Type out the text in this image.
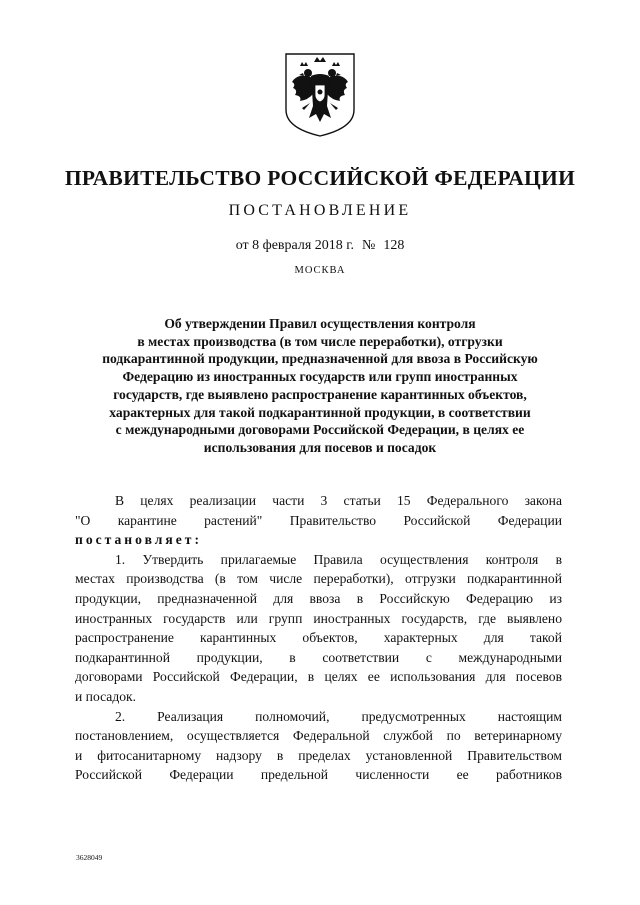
ПРАВИТЕЛЬСТВО РОССИЙСКОЙ ФЕДЕРАЦИИ
ПОСТАНОВЛЕНИЕ
от 8 февраля 2018 г. № 128
МОСКВА
Об утверждении Правил осуществления контроля
в местах производства (в том числе переработки), отгрузки
подкарантинной продукции, предназначенной для ввоза в Российскую
Федерацию из иностранных государств или групп иностранных
государств, где выявлено распространение карантинных объектов,
характерных для такой подкарантинной продукции, в соответствии
с международными договорами Российской Федерации, в целях ее
использования для посевов и посадок
В целях реализации части 3 статьи 15 Федерального закона
"О карантине растений" Правительство Российской Федерации
постановляет:
1. Утвердить прилагаемые Правила осуществления контроля в
местах производства (в том числе переработки), отгрузки подкарантинной
продукции, предназначенной для ввоза в Российскую Федерацию из
иностранных государств или групп иностранных государств, где выявлено
распространение карантинных объектов, характерных для такой
подкарантинной продукции, в соответствии с международными
договорами Российской Федерации, в целях ее использования для посевов
и посадок.
2. Реализация полномочий, предусмотренных настоящим
постановлением, осуществляется Федеральной службой по ветеринарному
и фитосанитарному надзору в пределах установленной Правительством
Российской Федерации предельной численности ее работников
3628049
